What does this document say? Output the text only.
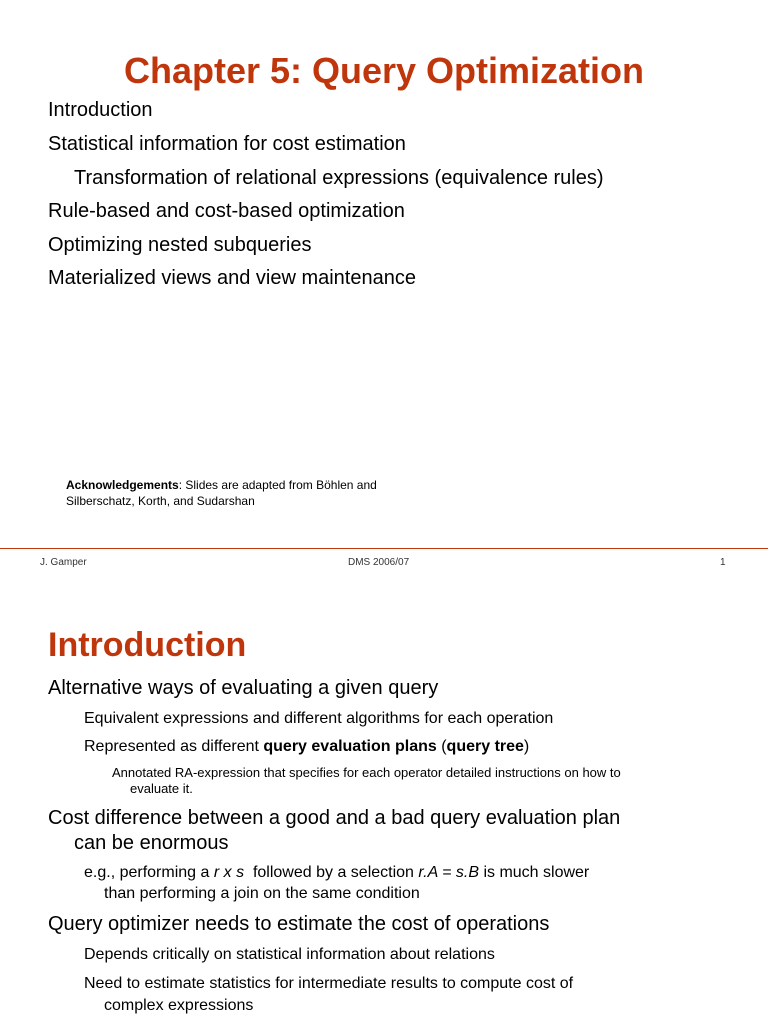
Chapter 5: Query Optimization
Introduction
Statistical information for cost estimation
Transformation of relational expressions (equivalence rules)
Rule-based and cost-based optimization
Optimizing nested subqueries
Materialized views and view maintenance
Acknowledgements: Slides are adapted from Böhlen and
Silberschatz, Korth, and Sudarshan
J. Gamper	DMS 2006/07	1
Introduction
Alternative ways of evaluating a given query
Equivalent expressions and different algorithms for each operation
Represented as different query evaluation plans (query tree)
Annotated RA-expression that specifies for each operator detailed instructions on how to
evaluate it.
Cost difference between a good and a bad query evaluation plan
can be enormous
e.g., performing a r x s  followed by a selection r.A = s.B is much slower
than performing a join on the same condition
Query optimizer needs to estimate the cost of operations
Depends critically on statistical information about relations
Need to estimate statistics for intermediate results to compute cost of
complex expressions
